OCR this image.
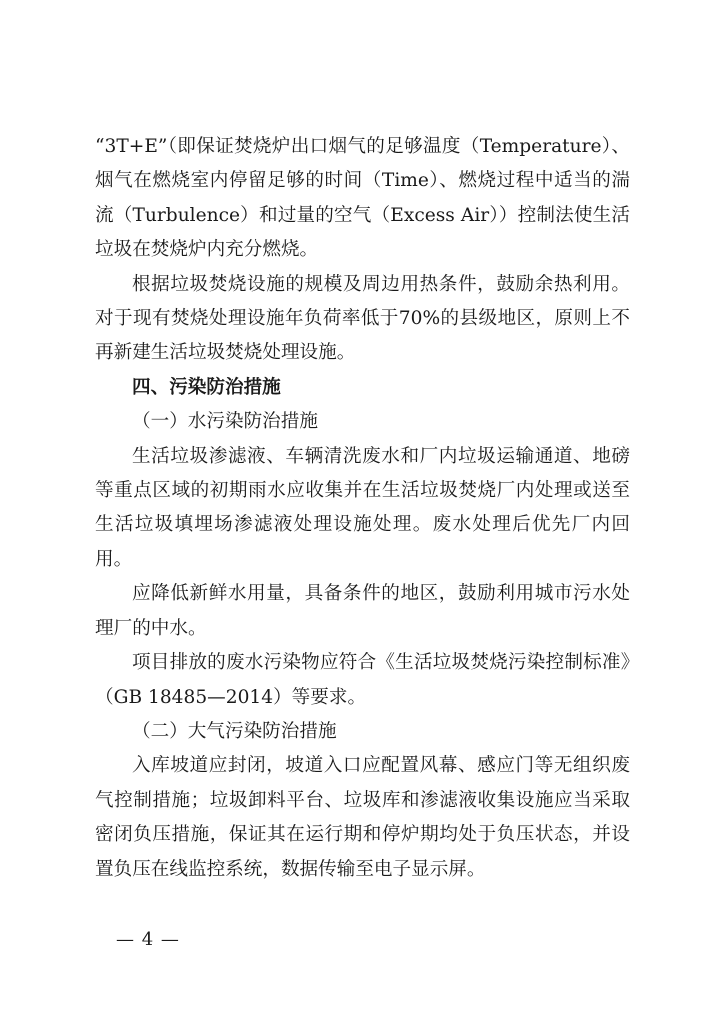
“3T+E”（即保证焚烧炉出口烟气的足够温度（Temperature）、烟气在燃烧室内停留足够的时间（Time）、燃烧过程中适当的湍流（Turbulence）和过量的空气（Excess Air））控制法使生活垃圾在焚烧炉内充分燃烧。

根据垃圾焚烧设施的规模及周边用热条件，鼓励余热利用。对于现有焚烧处理设施年负荷率低于70%的县级地区，原则上不再新建生活垃圾焚烧处理设施。

四、污染防治措施

（一）水污染防治措施

生活垃圾渗滤液、车辆清洗废水和厂内垃圾运输通道、地磅等重点区域的初期雨水应收集并在生活垃圾焚烧厂内处理或送至生活垃圾填埋场渗滤液处理设施处理。废水处理后优先厂内回用。

应降低新鲜水用量，具备条件的地区，鼓励利用城市污水处理厂的中水。

项目排放的废水污染物应符合《生活垃圾焚烧污染控制标准》（GB 18485—2014）等要求。

（二）大气污染防治措施

入库坡道应封闭，坡道入口应配置风幕、感应门等无组织废气控制措施；垃圾卸料平台、垃圾库和渗滤液收集设施应当采取密闭负压措施，保证其在运行期和停炉期均处于负压状态，并设置负压在线监控系统，数据传输至电子显示屏。

— 4 —
